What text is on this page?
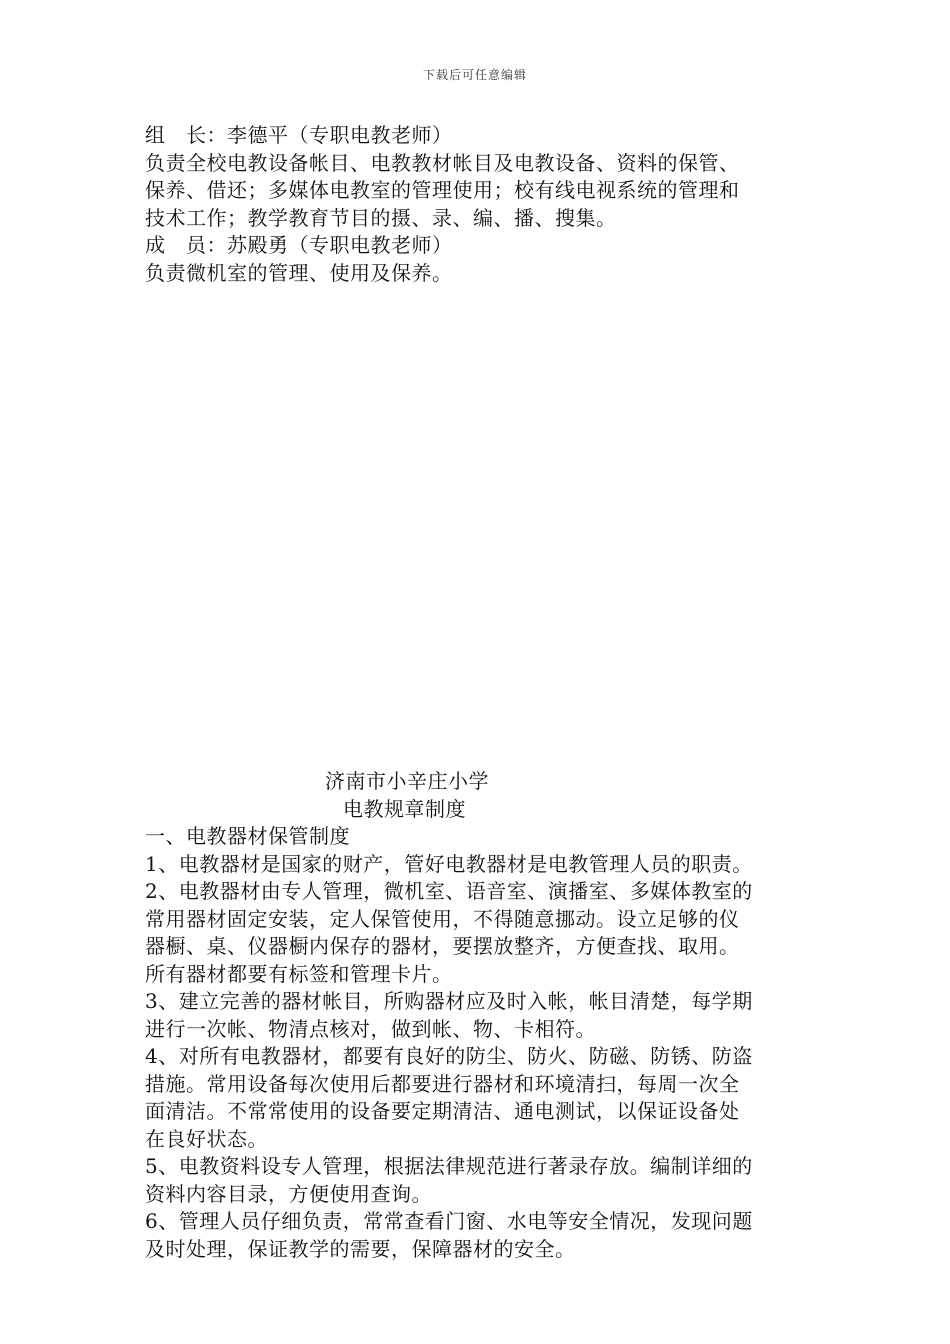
下载后可任意编辑
组　长：李德平（专职电教老师）
负责全校电教设备帐目、电教教材帐目及电教设备、资料的保管、
保养、借还；多媒体电教室的管理使用；校有线电视系统的管理和
技术工作；教学教育节目的摄、录、编、播、搜集。
成　员：苏殿勇（专职电教老师）
负责微机室的管理、使用及保养。
济南市小辛庄小学
电教规章制度
一、电教器材保管制度
1、电教器材是国家的财产，管好电教器材是电教管理人员的职责。
2、电教器材由专人管理，微机室、语音室、演播室、多媒体教室的
常用器材固定安装，定人保管使用，不得随意挪动。设立足够的仪
器橱、桌、仪器橱内保存的器材，要摆放整齐，方便查找、取用。
所有器材都要有标签和管理卡片。
3、建立完善的器材帐目，所购器材应及时入帐，帐目清楚，每学期
进行一次帐、物清点核对，做到帐、物、卡相符。
4、对所有电教器材，都要有良好的防尘、防火、防磁、防锈、防盗
措施。常用设备每次使用后都要进行器材和环境清扫，每周一次全
面清洁。不常常使用的设备要定期清洁、通电测试，以保证设备处
在良好状态。
5、电教资料设专人管理，根据法律规范进行著录存放。编制详细的
资料内容目录，方便使用查询。
6、管理人员仔细负责，常常查看门窗、水电等安全情况，发现问题
及时处理，保证教学的需要，保障器材的安全。
